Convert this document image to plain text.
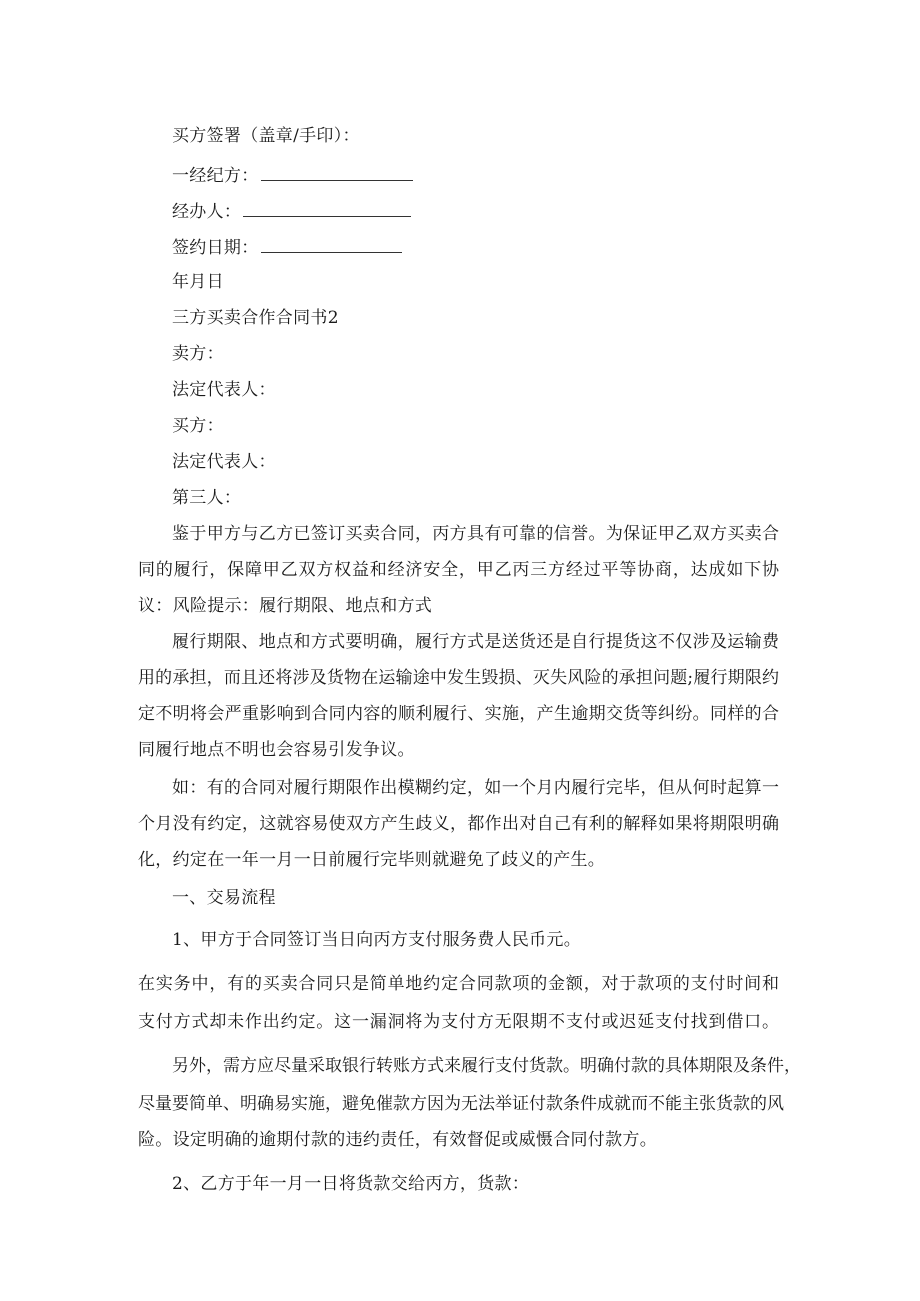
买方签署（盖章/手印）：
一经纪方：
经办人：
签约日期：
年月日
三方买卖合作合同书2
卖方：
法定代表人：
买方：
法定代表人：
第三人：
鉴于甲方与乙方已签订买卖合同，丙方具有可靠的信誉。为保证甲乙双方买卖合
同的履行，保障甲乙双方权益和经济安全，甲乙丙三方经过平等协商，达成如下协
议：风险提示：履行期限、地点和方式
履行期限、地点和方式要明确，履行方式是送货还是自行提货这不仅涉及运输费
用的承担，而且还将涉及货物在运输途中发生毁损、灭失风险的承担问题;履行期限约
定不明将会严重影响到合同内容的顺利履行、实施，产生逾期交货等纠纷。同样的合
同履行地点不明也会容易引发争议。
如：有的合同对履行期限作出模糊约定，如一个月内履行完毕，但从何时起算一
个月没有约定，这就容易使双方产生歧义，都作出对自己有利的解释如果将期限明确
化，约定在一年一月一日前履行完毕则就避免了歧义的产生。
一、交易流程
1、甲方于合同签订当日向丙方支付服务费人民币元。
在实务中，有的买卖合同只是简单地约定合同款项的金额，对于款项的支付时间和
支付方式却未作出约定。这一漏洞将为支付方无限期不支付或迟延支付找到借口。
另外，需方应尽量采取银行转账方式来履行支付货款。明确付款的具体期限及条件，
尽量要简单、明确易实施，避免催款方因为无法举证付款条件成就而不能主张货款的风
险。设定明确的逾期付款的违约责任，有效督促或威慑合同付款方。
2、乙方于年一月一日将货款交给丙方，货款：
